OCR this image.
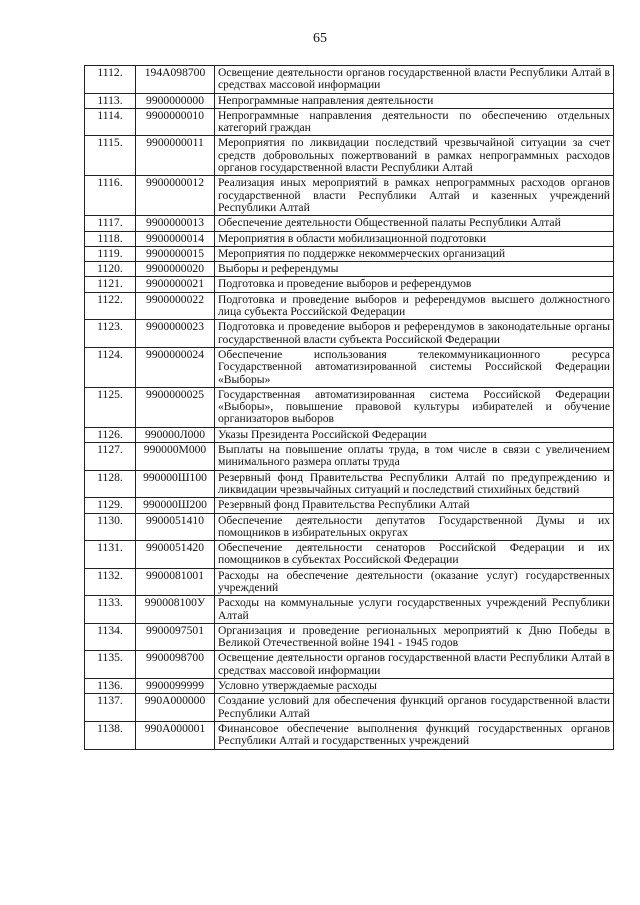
65
1112.	194А098700	Освещение деятельности органов государственной власти Республики Алтай в средствах массовой информации
1113.	9900000000	Непрограммные направления деятельности
1114.	9900000010	Непрограммные направления деятельности по обеспечению отдельных категорий граждан
1115.	9900000011	Мероприятия по ликвидации последствий чрезвычайной ситуации за счет средств добровольных пожертвований в рамках непрограммных расходов органов государственной власти Республики Алтай
1116.	9900000012	Реализация иных мероприятий в рамках непрограммных расходов органов государственной власти Республики Алтай и казенных учреждений Республики Алтай
1117.	9900000013	Обеспечение деятельности Общественной палаты Республики Алтай
1118.	9900000014	Мероприятия в области мобилизационной подготовки
1119.	9900000015	Мероприятия по поддержке некоммерческих организаций
1120.	9900000020	Выборы и референдумы
1121.	9900000021	Подготовка и проведение выборов и референдумов
1122.	9900000022	Подготовка и проведение выборов и референдумов высшего должностного лица субъекта Российской Федерации
1123.	9900000023	Подготовка и проведение выборов и референдумов в законодательные органы государственной власти субъекта Российской Федерации
1124.	9900000024	Обеспечение использования телекоммуникационного ресурса Государственной автоматизированной системы Российской Федерации «Выборы»
1125.	9900000025	Государственная автоматизированная система Российской Федерации «Выборы», повышение правовой культуры избирателей и обучение организаторов выборов
1126.	990000Л000	Указы Президента Российской Федерации
1127.	990000М000	Выплаты на повышение оплаты труда, в том числе в связи с увеличением минимального размера оплаты труда
1128.	990000Ш100	Резервный фонд Правительства Республики Алтай по предупреждению и ликвидации чрезвычайных ситуаций и последствий стихийных бедствий
1129.	990000Ш200	Резервный фонд Правительства Республики Алтай
1130.	9900051410	Обеспечение деятельности депутатов Государственной Думы и их помощников в избирательных округах
1131.	9900051420	Обеспечение деятельности сенаторов Российской Федерации и их помощников в субъектах Российской Федерации
1132.	9900081001	Расходы на обеспечение деятельности (оказание услуг) государственных учреждений
1133.	990008100У	Расходы на коммунальные услуги государственных учреждений Республики Алтай
1134.	9900097501	Организация и проведение региональных мероприятий к Дню Победы в Великой Отечественной войне 1941 - 1945 годов
1135.	9900098700	Освещение деятельности органов государственной власти Республики Алтай в средствах массовой информации
1136.	9900099999	Условно утверждаемые расходы
1137.	990А000000	Создание условий для обеспечения функций органов государственной власти Республики Алтай
1138.	990А000001	Финансовое обеспечение выполнения функций государственных органов Республики Алтай и государственных учреждений
